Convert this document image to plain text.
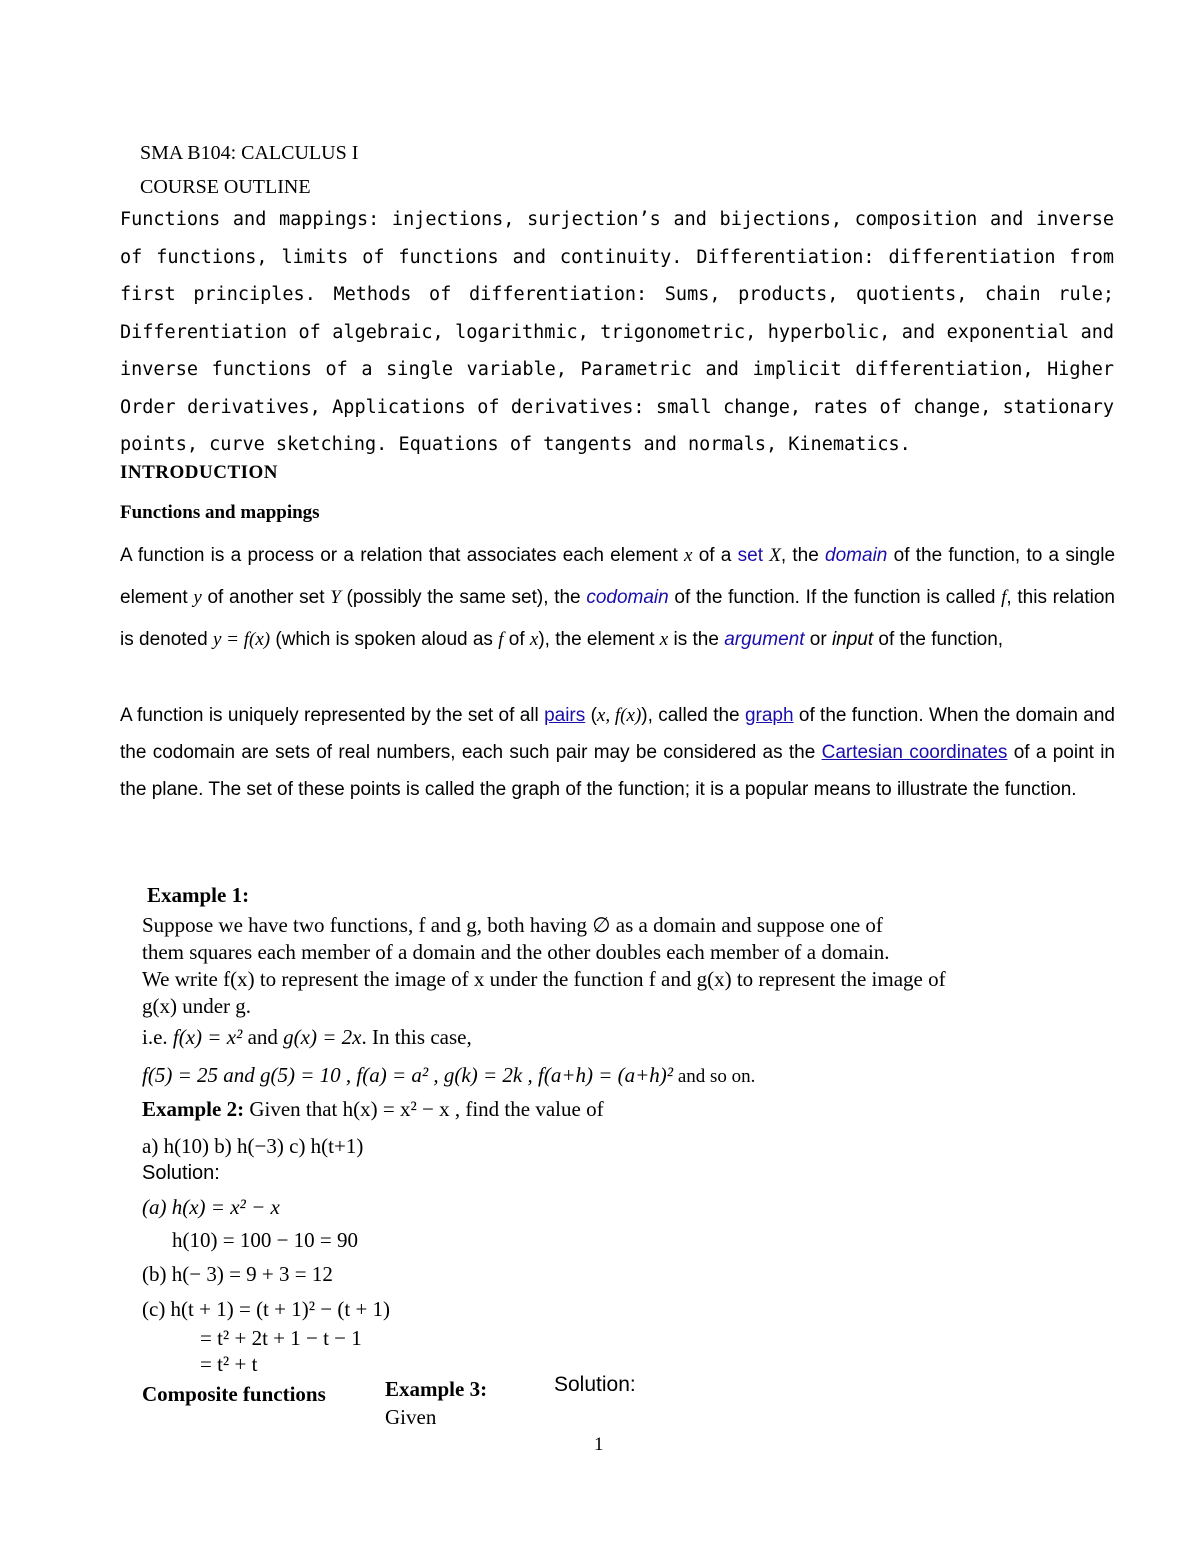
SMA B104: CALCULUS I
COURSE OUTLINE

Functions and mappings: injections, surjection’s and bijections, composition and inverse of functions, limits of functions and continuity. Differentiation: differentiation from first principles. Methods of differentiation: Sums, products, quotients, chain rule; Differentiation of algebraic, logarithmic, trigonometric, hyperbolic, and exponential and inverse functions of a single variable, Parametric and implicit differentiation, Higher Order derivatives, Applications of derivatives: small change, rates of change, stationary points, curve sketching. Equations of tangents and normals, Kinematics.

INTRODUCTION
Functions and mappings

A function is a process or a relation that associates each element x of a set X, the domain of the function, to a single element y of another set Y (possibly the same set), the codomain of the function. If the function is called f, this relation is denoted y = f(x) (which is spoken aloud as f of x), the element x is the argument or input of the function,

A function is uniquely represented by the set of all pairs (x, f(x)), called the graph of the function. When the domain and the codomain are sets of real numbers, each such pair may be considered as the Cartesian coordinates of a point in the plane. The set of these points is called the graph of the function; it is a popular means to illustrate the function.

Example 1:
Suppose we have two functions, f and g, both having ∅ as a domain and suppose one of
them squares each member of a domain and the other doubles each member of a domain.
We write f(x) to represent the image of x under the function f and g(x) to represent the image of
g(x) under g.
i.e. f(x) = x² and g(x) = 2x. In this case,
f(5) = 25 and g(5) = 10 , f(a) = a² , g(k) = 2k , f(a+h) = (a+h)² and so on.
Example 2: Given that h(x) = x² − x , find the value of
a) h(10) b) h(−3) c) h(t+1)
Solution:
(a) h(x) = x² − x
h(10) = 100 − 10 = 90
(b) h(− 3) = 9 + 3 = 12
(c) h(t + 1) = (t + 1)² − (t + 1)
= t² + 2t + 1 − t − 1
= t² + t
Composite functions	Example 3:
Given
Solution:
1
